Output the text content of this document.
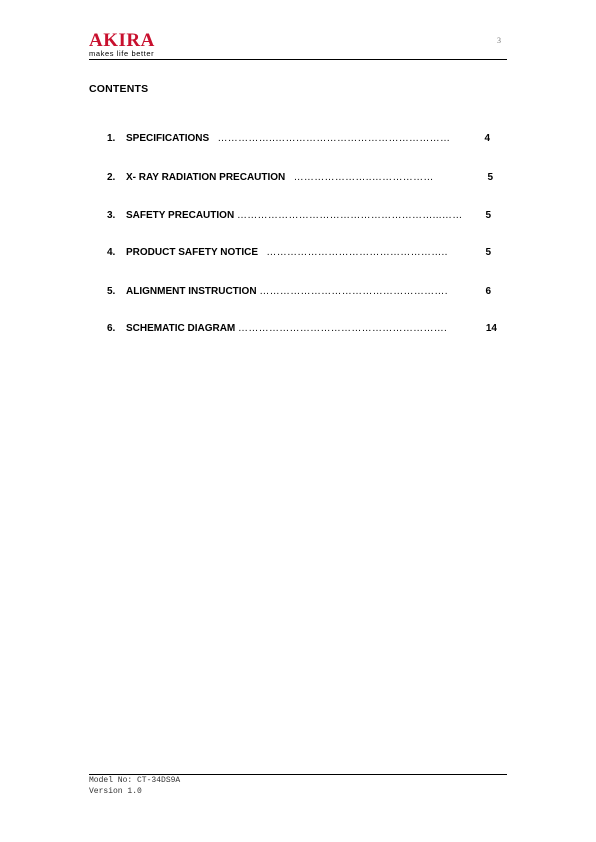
AKIRA
makes life better
3
CONTENTS
1. SPECIFICATIONS ……………..……………………………………………	4
2. X- RAY RADIATION PRECAUTION …………………..………………	5
3. SAFETY PRECAUTION …………………………………………………...……	5
4. PRODUCT SAFETY NOTICE ……………………………………………..	5
5. ALIGNMENT INSTRUCTION ……………………………………………….	6
6. SCHEMATIC DIAGRAM …………………………………………………….	14
Model No: CT-34DS9A
Version 1.0
